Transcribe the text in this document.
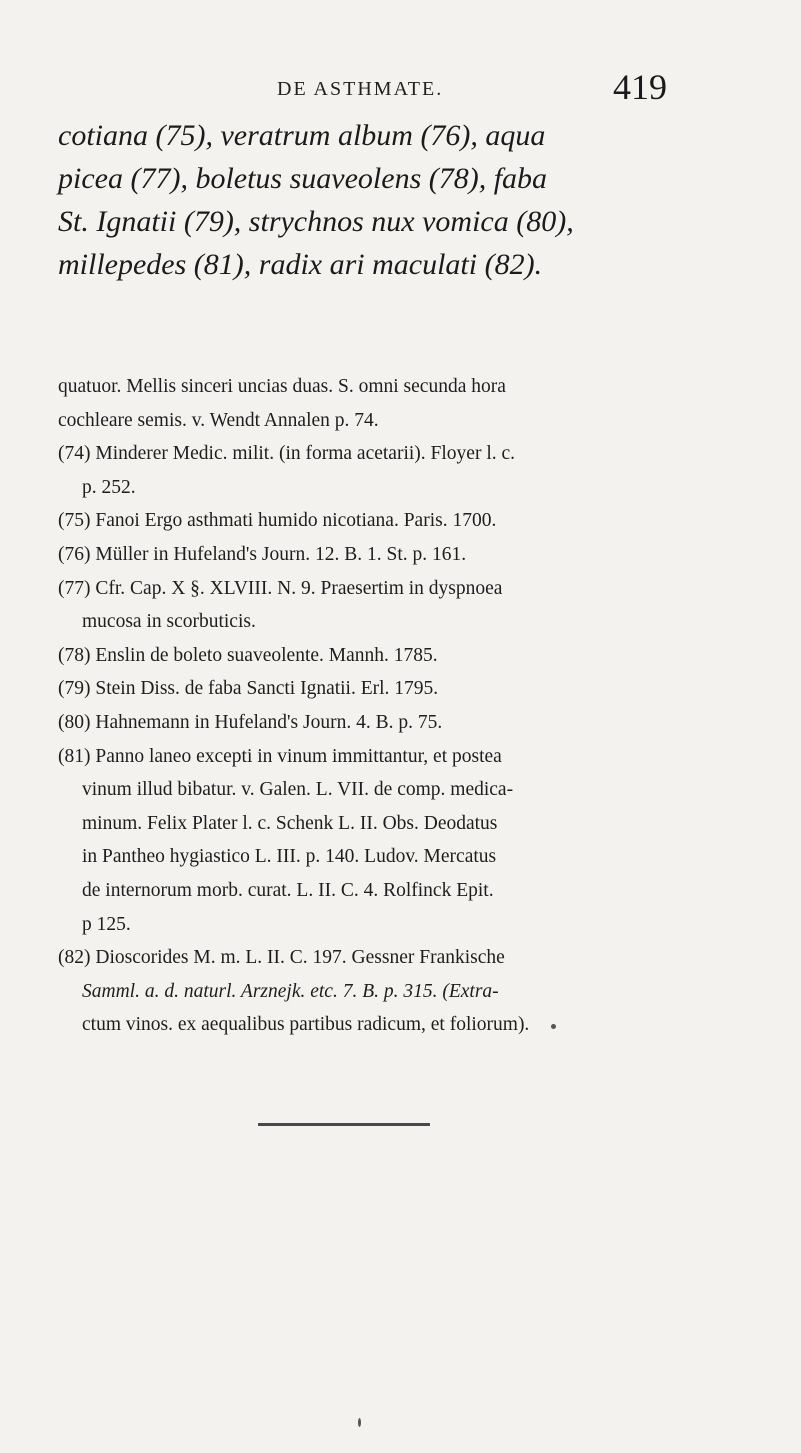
DE ASTHMATE.	419
cotiana (75), veratrum album (76), aqua
picea (77), boletus suaveolens (78), faba
St. Ignatii (79), strychnos nux vomica (80),
millepedes (81), radix ari maculati (82).
quatuor. Mellis sinceri uncias duas. S. omni secunda hora
cochleare semis. v. Wendt Annalen p. 74.
(74) Minderer Medic. milit. (in forma acetarii). Floyer l. c.
p. 252.
(75) Fanoi Ergo asthmati humido nicotiana. Paris. 1700.
(76) Müller in Hufeland's Journ. 12. B. 1. St. p. 161.
(77) Cfr. Cap. X §. XLVIII. N. 9. Praesertim in dyspnoea
mucosa in scorbuticis.
(78) Enslin de boleto suaveolente. Mannh. 1785.
(79) Stein Diss. de faba Sancti Ignatii. Erl. 1795.
(80) Hahnemann in Hufeland's Journ. 4. B. p. 75.
(81) Panno laneo excepti in vinum immittantur, et postea
vinum illud bibatur. v. Galen. L. VII. de comp. medica-
minum. Felix Plater l. c. Schenk L. II. Obs. Deodatus
in Pantheo hygiastico L. III. p. 140. Ludov. Mercatus
de internorum morb. curat. L. II. C. 4. Rolfinck Epit.
p 125.
(82) Dioscorides M. m. L. II. C. 197. Gessner Frankische
Samml. a. d. naturl. Arznejk. etc. 7. B. p. 315. (Extra-
ctum vinos. ex aequalibus partibus radicum, et foliorum).
